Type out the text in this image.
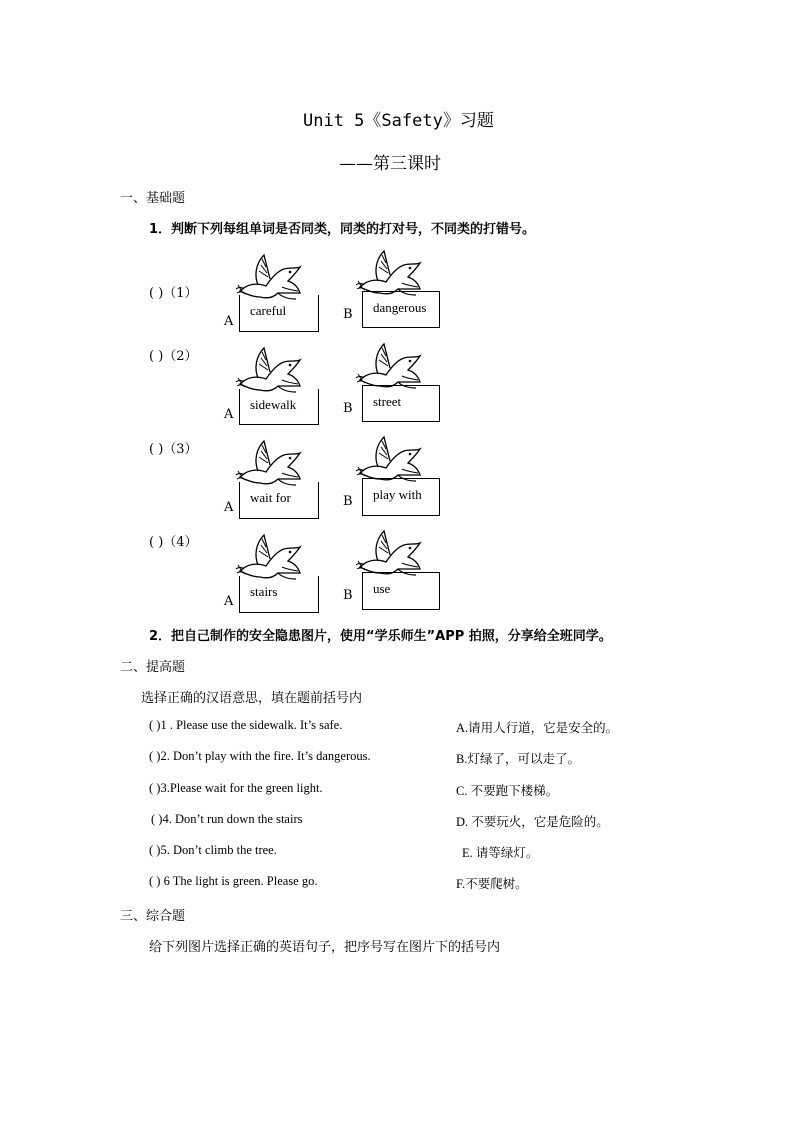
Unit 5《Safety》习题
——第三课时
一、基础题
1．判断下列每组单词是否同类，同类的打对号，不同类的打错号。
( )（1）
A
careful	B dangerous
( )（2）
A
sidewalk	B street
( )（3）
A
wait for	B play with
( )（4）
A
stairs	B use
2．把自己制作的安全隐患图片，使用“学乐师生”APP 拍照，分享给全班同学。
二、提高题
选择正确的汉语意思，填在题前括号内
( )1 . Please use the sidewalk. It’s safe.	A.请用人行道，它是安全的。
( )2. Don’t play with the fire. It’s dangerous.	B.灯绿了，可以走了。
( )3.Please wait for the green light.	C. 不要跑下楼梯。
( )4. Don’t run down the stairs	D. 不要玩火，它是危险的。
( )5. Don’t climb the tree.	E. 请等绿灯。
( ) 6 The light is green. Please go.	F.不要爬树。
三、综合题
给下列图片选择正确的英语句子，把序号写在图片下的括号内
